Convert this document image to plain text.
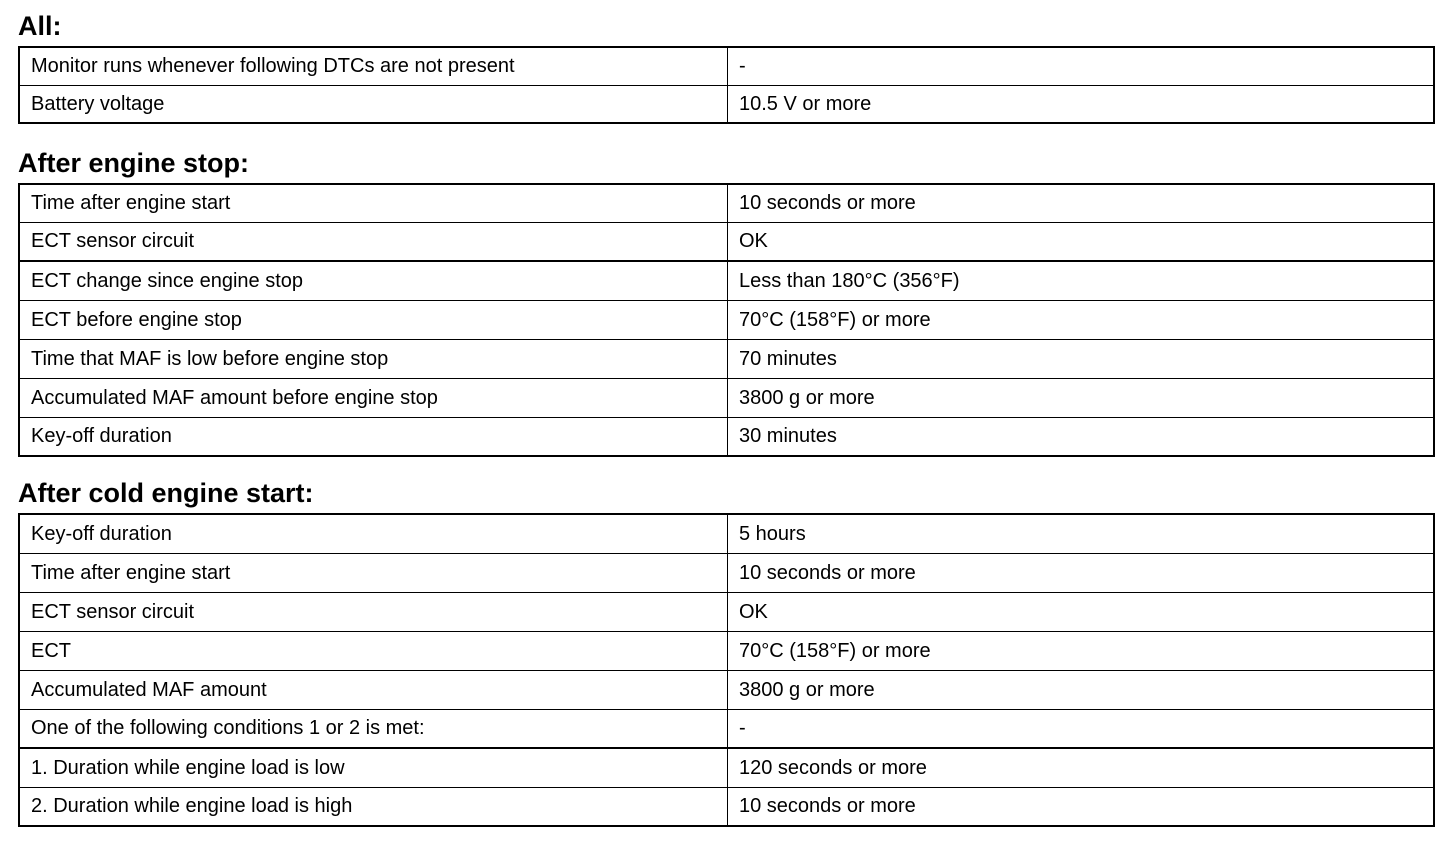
All:
Monitor runs whenever following DTCs are not present	-
Battery voltage	10.5 V or more
After engine stop:
Time after engine start	10 seconds or more
ECT sensor circuit	OK
ECT change since engine stop	Less than 180°C (356°F)
ECT before engine stop	70°C (158°F) or more
Time that MAF is low before engine stop	70 minutes
Accumulated MAF amount before engine stop	3800 g or more
Key-off duration	30 minutes
After cold engine start:
Key-off duration	5 hours
Time after engine start	10 seconds or more
ECT sensor circuit	OK
ECT	70°C (158°F) or more
Accumulated MAF amount	3800 g or more
One of the following conditions 1 or 2 is met:	-
1. Duration while engine load is low	120 seconds or more
2. Duration while engine load is high	10 seconds or more
